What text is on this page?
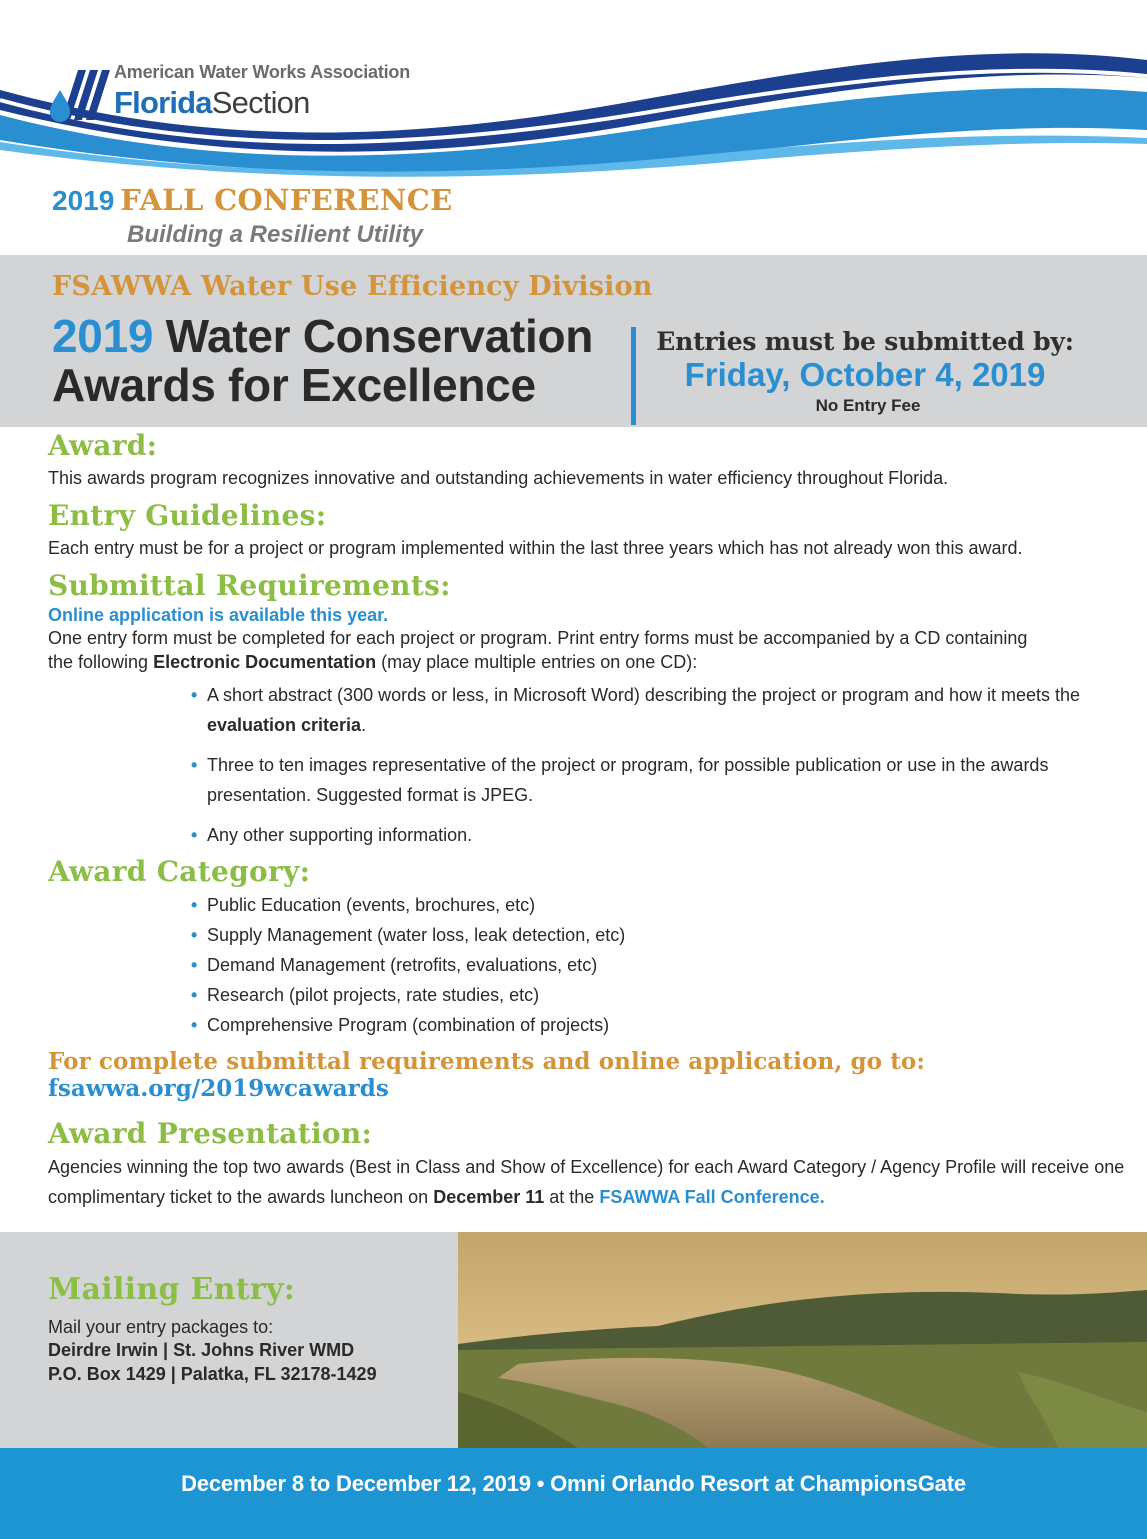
American Water Works Association
FloridaSection
2019 FALL CONFERENCE
Building a Resilient Utility
FSAWWA Water Use Efficiency Division
2019 Water Conservation
Awards for Excellence
Entries must be submitted by:
Friday, October 4, 2019
No Entry Fee
Award:

This awards program recognizes innovative and outstanding achievements in water efficiency throughout Florida.

Entry Guidelines:

Each entry must be for a project or program implemented within the last three years which has not already won this award.

Submittal Requirements:

Online application is available this year.

One entry form must be completed for each project or program. Print entry forms must be accompanied by a CD containing the following Electronic Documentation (may place multiple entries on one CD):

• A short abstract (300 words or less, in Microsoft Word) describing the project or program and how it meets the evaluation criteria.
• Three to ten images representative of the project or program, for possible publication or use in the awards presentation. Suggested format is JPEG.
• Any other supporting information.
Award Category:
• Public Education (events, brochures, etc)
• Supply Management (water loss, leak detection, etc)
• Demand Management (retrofits, evaluations, etc)
• Research (pilot projects, rate studies, etc)
• Comprehensive Program (combination of projects)
For complete submittal requirements and online application, go to:
fsawwa.org/2019wcawards
Award Presentation:

Agencies winning the top two awards (Best in Class and Show of Excellence) for each Award Category / Agency Profile will receive one complimentary ticket to the awards luncheon on December 11 at the FSAWWA Fall Conference.

Mailing Entry:
Mail your entry packages to:
Deirdre Irwin | St. Johns River WMD
P.O. Box 1429 | Palatka, FL 32178-1429
December 8 to December 12, 2019 • Omni Orlando Resort at ChampionsGate
